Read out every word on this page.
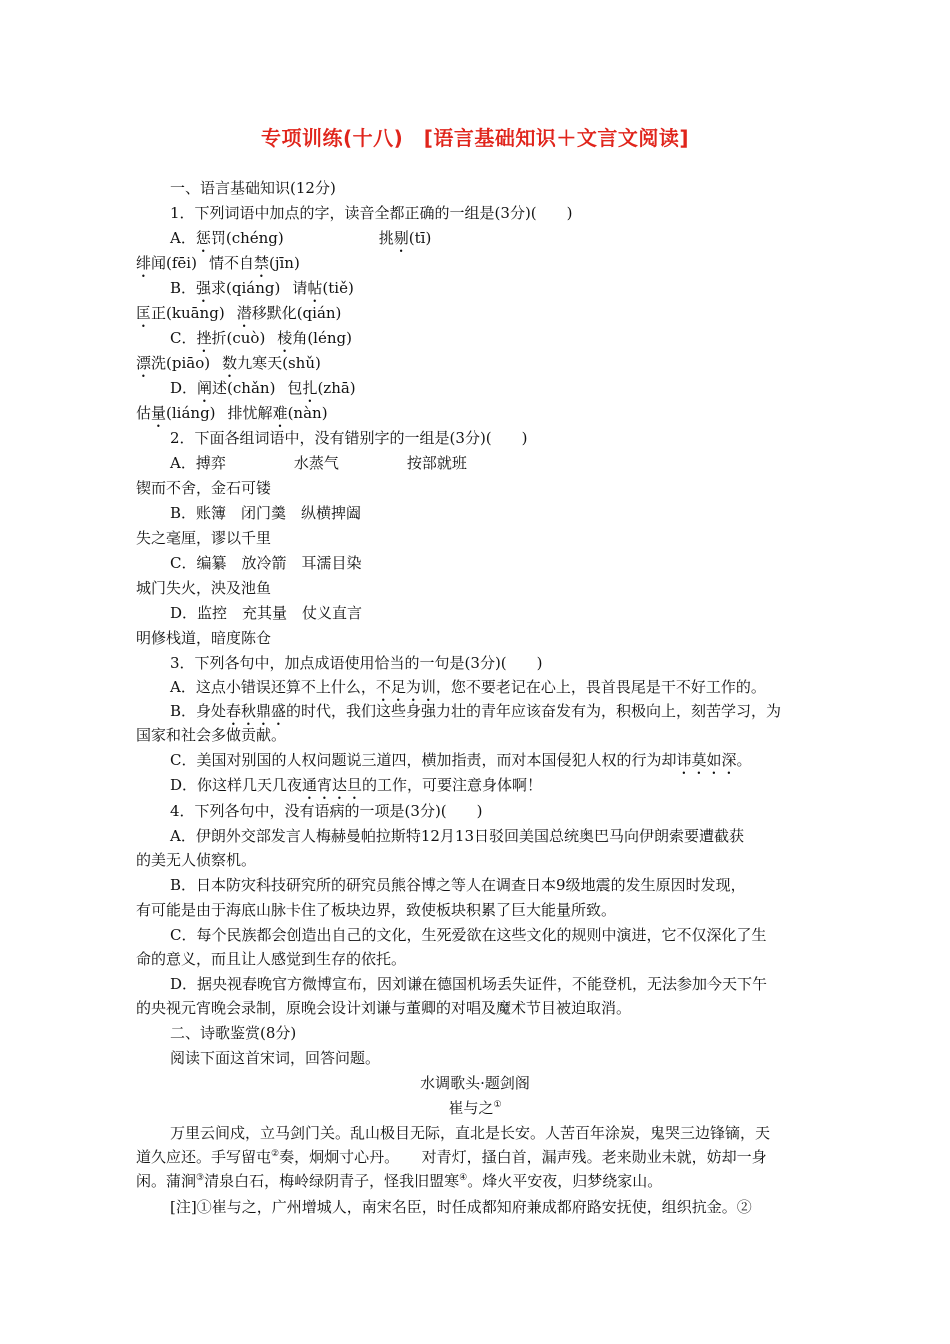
专项训练(十八)　[语言基础知识＋文言文阅读]
一、语言基础知识(12分)
1．下列词语中加点的字，读音全都正确的一组是(3分)(　　)
A．惩罚(chéng)	挑剔(tī)
绯闻(fēi) 情不自禁(jīn)
B．强求(qiáng) 请帖(tiě)
匡正(kuāng) 潜移默化(qián)
C．挫折(cuò) 棱角(léng)
漂洗(piāo) 数九寒天(shǔ)
D．阐述(chǎn) 包扎(zhā)
估量(liáng) 排忧解难(nàn)
2．下面各组词语中，没有错别字的一组是(3分)(　　)
A．搏弈	水蒸气	按部就班
锲而不舍，金石可镂
B．账簿　闭门羹　纵横捭阖
失之毫厘，谬以千里
C．编纂　放冷箭　耳濡目染
城门失火，泱及池鱼
D．监控　充其量　仗义直言
明修栈道，暗度陈仓
3．下列各句中，加点成语使用恰当的一句是(3分)(　　)
A．这点小错误还算不上什么，不足为训，您不要老记在心上，畏首畏尾是干不好工作的。
B．身处春秋鼎盛的时代，我们这些身强力壮的青年应该奋发有为，积极向上，刻苦学习，为
国家和社会多做贡献。
C．美国对别国的人权问题说三道四，横加指责，而对本国侵犯人权的行为却讳莫如深。
D．你这样几天几夜通宵达旦的工作，可要注意身体啊！
4．下列各句中，没有语病的一项是(3分)(　　)
A．伊朗外交部发言人梅赫曼帕拉斯特12月13日驳回美国总统奥巴马向伊朗索要遭截获
的美无人侦察机。
B．日本防灾科技研究所的研究员熊谷博之等人在调查日本9级地震的发生原因时发现，
有可能是由于海底山脉卡住了板块边界，致使板块积累了巨大能量所致。
C．每个民族都会创造出自己的文化，生死爱欲在这些文化的规则中演进，它不仅深化了生
命的意义，而且让人感觉到生存的依托。
D．据央视春晚官方微博宣布，因刘谦在德国机场丢失证件，不能登机，无法参加今天下午
的央视元宵晚会录制，原晚会设计刘谦与董卿的对唱及魔术节目被迫取消。
二、诗歌鉴赏(8分)
阅读下面这首宋词，回答问题。
水调歌头·题剑阁
崔与之①
万里云间戍，立马剑门关。乱山极目无际，直北是长安。人苦百年涂炭，鬼哭三边锋镝，天
道久应还。手写留屯②奏，炯炯寸心丹。　　对青灯，搔白首，漏声残。老来勋业未就，妨却一身
闲。蒲涧③清泉白石，梅岭绿阴青子，怪我旧盟寒④。烽火平安夜，归梦绕家山。
[注]①崔与之，广州增城人，南宋名臣，时任成都知府兼成都府路安抚使，组织抗金。②
